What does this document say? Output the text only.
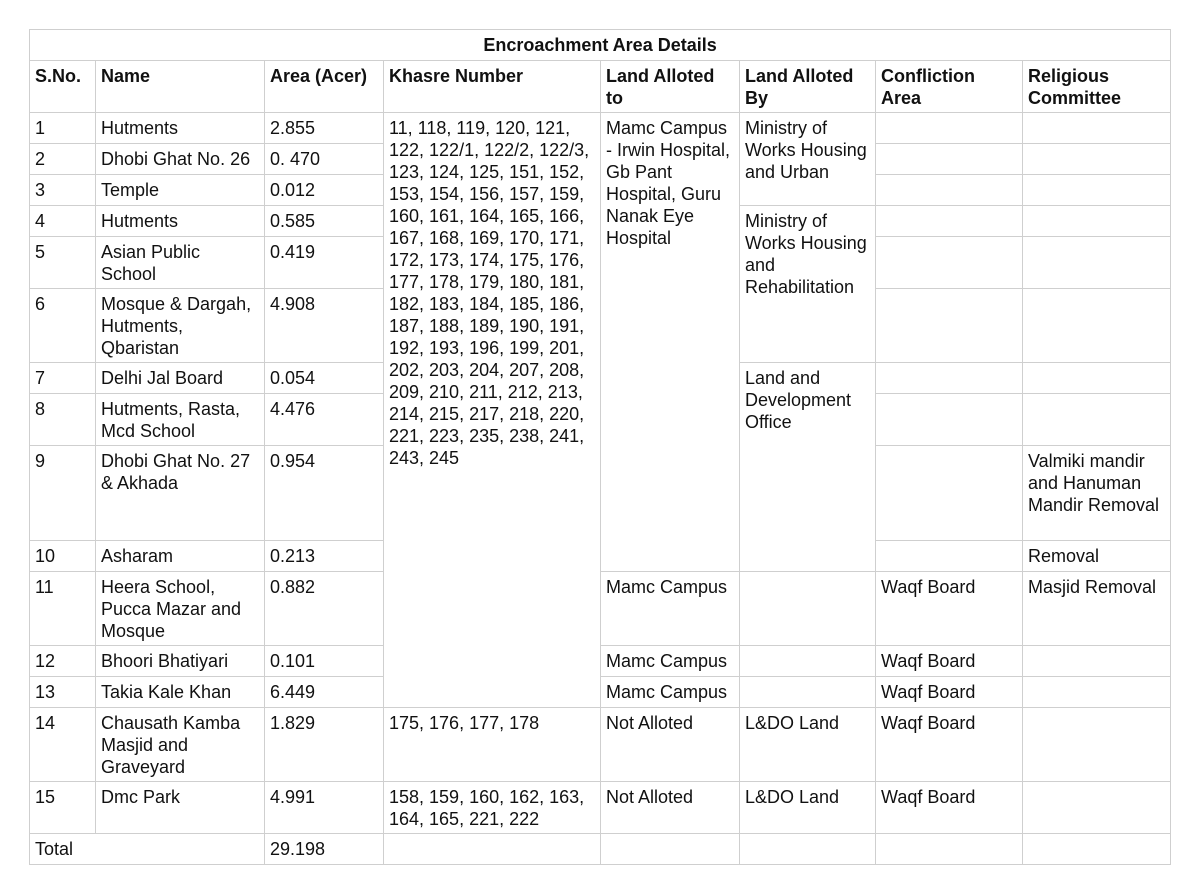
Encroachment Area Details							
S.No.	Name	Area (Acer)	Khasre Number	Land Alloted to	Land Alloted By	Confliction Area	Religious Committee
1	Hutments	2.855	11, 118, 119, 120, 121, 122, 122/1, 122/2, 122/3, 123, 124, 125, 151, 152, 153, 154, 156, 157, 159, 160, 161, 164, 165, 166, 167, 168, 169, 170, 171, 172, 173, 174, 175, 176, 177, 178, 179, 180, 181, 182, 183, 184, 185, 186, 187, 188, 189, 190, 191, 192, 193, 196, 199, 201, 202, 203, 204, 207, 208, 209, 210, 211, 212, 213, 214, 215, 217, 218, 220, 221, 223, 235, 238, 241, 243, 245	Mamc Campus - Irwin Hospital, Gb Pant Hospital, Guru Nanak Eye Hospital	Ministry of Works Housing and Urban		
2	Dhobi Ghat No. 26	0. 470					
3	Temple	0.012					
4	Hutments	0.585			Ministry of Works Housing and Rehabilitation		
5	Asian Public School	0.419					
6	Mosque & Dargah, Hutments, Qbaristan	4.908					
7	Delhi Jal Board	0.054			Land and Development Office		
8	Hutments, Rasta, Mcd School	4.476					
9	Dhobi Ghat No. 27 & Akhada	0.954					Valmiki mandir and Hanuman Mandir Removal
10	Asharam	0.213					Removal
11	Heera School, Pucca Mazar and Mosque	0.882		Mamc Campus		Waqf Board	Masjid Removal
12	Bhoori Bhatiyari	0.101		Mamc Campus		Waqf Board	
13	Takia Kale Khan	6.449		Mamc Campus		Waqf Board	
14	Chausath Kamba Masjid and Graveyard	1.829	175, 176, 177, 178	Not Alloted	L&DO Land	Waqf Board	
15	Dmc Park	4.991	158, 159, 160, 162, 163, 164, 165, 221, 222	Not Alloted	L&DO Land	Waqf Board	
Total		29.198					
